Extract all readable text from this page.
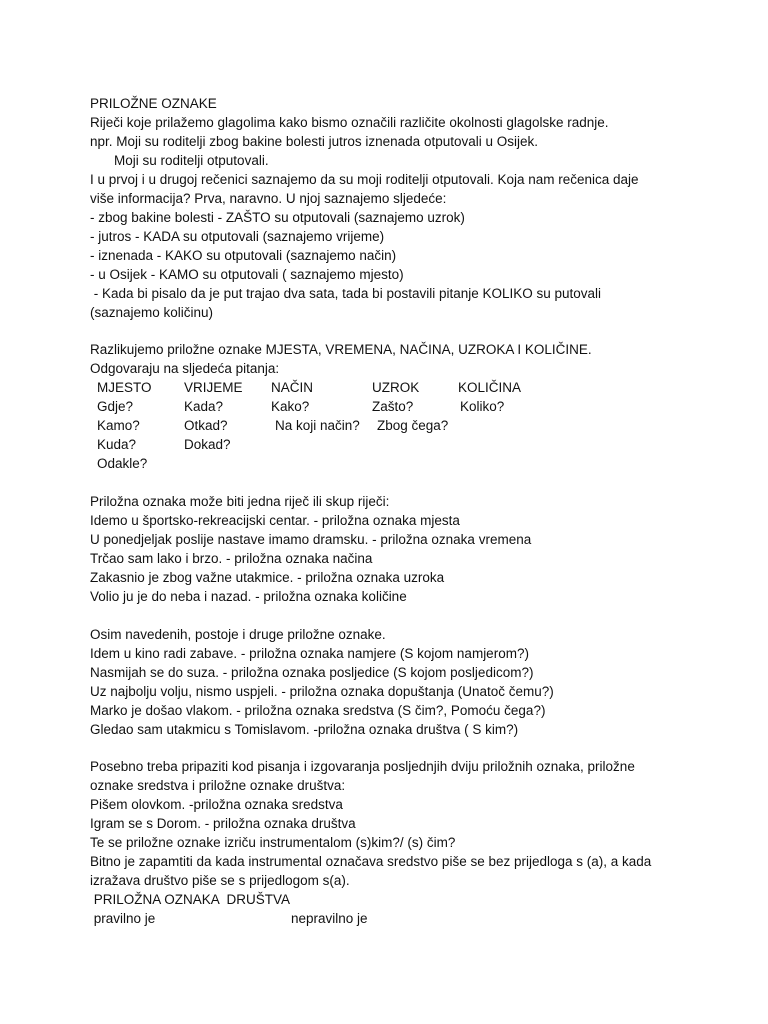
PRILOŽNE OZNAKE
Riječi koje prilažemo glagolima kako bismo označili različite okolnosti glagolske radnje.
npr. Moji su roditelji zbog bakine bolesti jutros iznenada otputovali u Osijek.
Moji su roditelji otputovali.
I u prvoj i u drugoj rečenici saznajemo da su moji roditelji otputovali. Koja nam rečenica daje
više informacija? Prva, naravno. U njoj saznajemo sljedeće:
- zbog bakine bolesti - ZAŠTO su otputovali (saznajemo uzrok)
- jutros - KADA su otputovali (saznajemo vrijeme)
- iznenada - KAKO su otputovali (saznajemo način)
- u Osijek - KAMO su otputovali ( saznajemo mjesto)
- Kada bi pisalo da je put trajao dva sata, tada bi postavili pitanje KOLIKO su putovali
(saznajemo količinu)
Razlikujemo priložne oznake MJESTA, VREMENA, NAČINA, UZROKA I KOLIČINE.
Odgovaraju na sljedeća pitanja:
MJESTO VRIJEME NAČIN	UZROK	KOLIČINA
Gdje?	Kada?	Kako?	Zašto?	Koliko?
Kamo?	Otkad?	Na koji način? Zbog čega?
Kuda?	Dokad?
Odakle?
Priložna oznaka može biti jedna riječ ili skup riječi:
Idemo u športsko-rekreacijski centar. - priložna oznaka mjesta
U ponedjeljak poslije nastave imamo dramsku. - priložna oznaka vremena
Trčao sam lako i brzo. - priložna oznaka načina
Zakasnio je zbog važne utakmice. - priložna oznaka uzroka
Volio ju je do neba i nazad. - priložna oznaka količine
Osim navedenih, postoje i druge priložne oznake.
Idem u kino radi zabave. - priložna oznaka namjere (S kojom namjerom?)
Nasmijah se do suza. - priložna oznaka posljedice (S kojom posljedicom?)
Uz najbolju volju, nismo uspjeli. - priložna oznaka dopuštanja (Unatoč čemu?)
Marko je došao vlakom. - priložna oznaka sredstva (S čim?, Pomoću čega?)
Gledao sam utakmicu s Tomislavom. -priložna oznaka društva ( S kim?)
Posebno treba pripaziti kod pisanja i izgovaranja posljednjih dviju priložnih oznaka, priložne
oznake sredstva i priložne oznake društva:
Pišem olovkom. -priložna oznaka sredstva
Igram se s Dorom. - priložna oznaka društva
Te se priložne oznake izriču instrumentalom (s)kim?/ (s) čim?
Bitno je zapamtiti da kada instrumental označava sredstvo piše se bez prijedloga s (a), a kada
izražava društvo piše se s prijedlogom s(a).
PRILOŽNA OZNAKA  DRUŠTVA
pravilno je	nepravilno je
